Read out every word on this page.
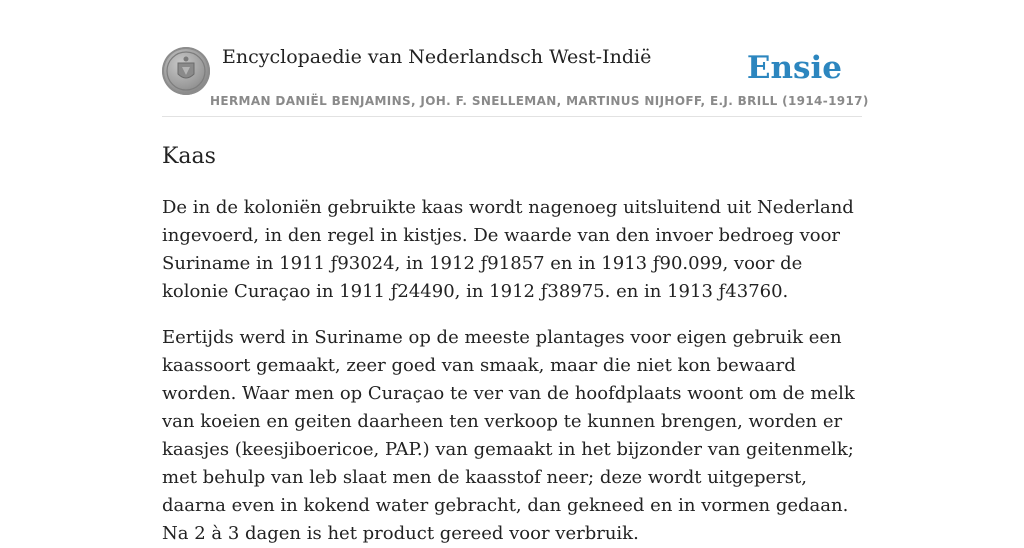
Encyclopaedie van Nederlandsch West-Indië	Ensie
HERMAN DANIËL BENJAMINS, JOH. F. SNELLEMAN, MARTINUS NIJHOFF, E.J. BRILL (1914-1917)
Kaas

De in de koloniën gebruikte kaas wordt nagenoeg uitsluitend uit Nederland ingevoerd, in den regel in kistjes. De waarde van den invoer bedroeg voor Suriname in 1911 ƒ93024, in 1912 ƒ91857 en in 1913 ƒ90.099, voor de kolonie Curaçao in 1911 ƒ24490, in 1912 ƒ38975. en in 1913 ƒ43760.

Eertijds werd in Suriname op de meeste plantages voor eigen gebruik een kaassoort gemaakt, zeer goed van smaak, maar die niet kon bewaard worden. Waar men op Curaçao te ver van de hoofdplaats woont om de melk van koeien en geiten daarheen ten verkoop te kunnen brengen, worden er kaasjes (keesjiboericoe, PAP.) van gemaakt in het bijzonder van geitenmelk; met behulp van leb slaat men de kaasstof neer; deze wordt uitgeperst, daarna even in kokend water gebracht, dan gekneed en in vormen gedaan. Na 2 à 3 dagen is het product gereed voor verbruik.
